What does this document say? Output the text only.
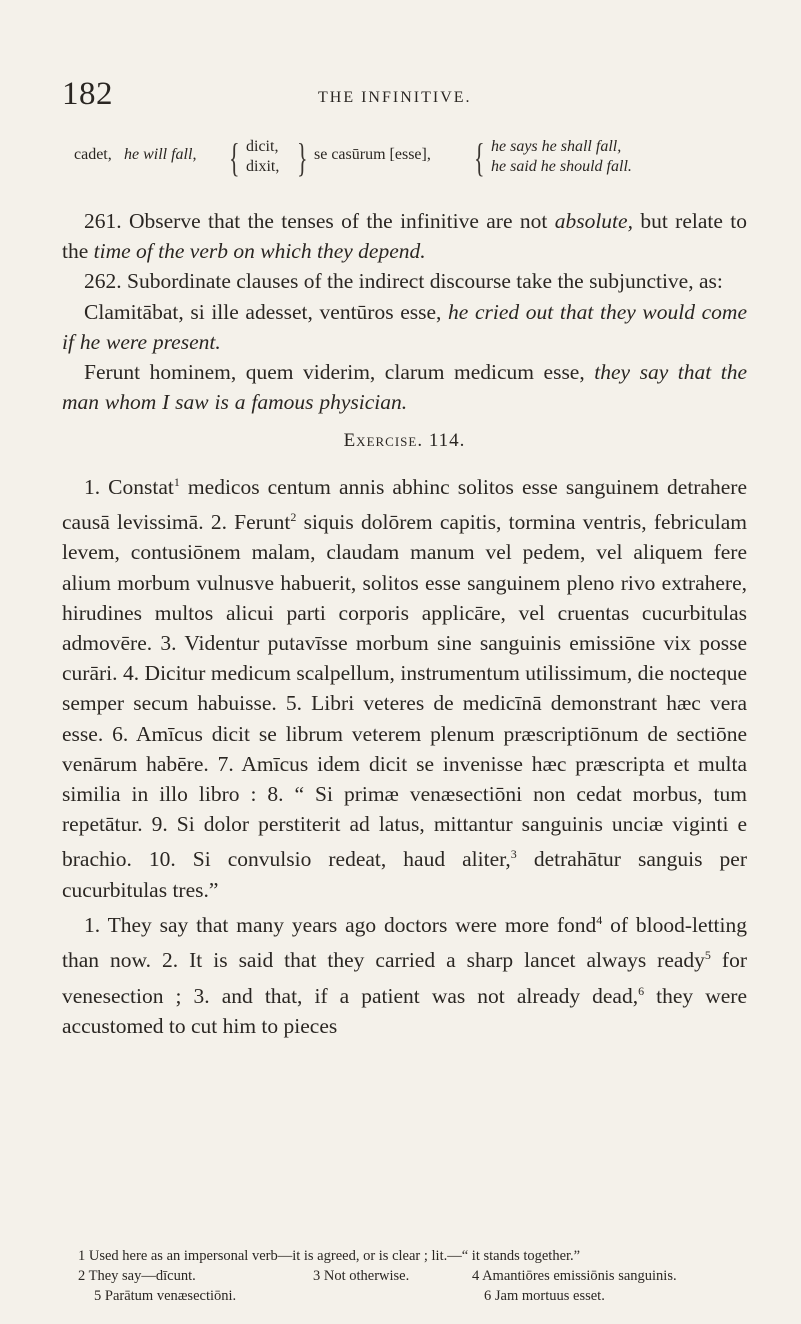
182	THE INFINITIVE.
cadet, he will fall, { dicit,
dixit, } se casūrum [esse], { he says he shall fall,
he said he should fall.

261. Observe that the tenses of the infinitive are not absolute, but relate to the time of the verb on which they depend.

262. Subordinate clauses of the indirect discourse take the subjunctive, as:

Clamitābat, si ille adesset, ventūros esse, he cried out that they would come if he were present.

Ferunt hominem, quem viderim, clarum medicum esse, they say that the man whom I saw is a famous physician.

Exercise. 114.

1. Constat$^1$ medicos centum annis abhinc solitos esse sanguinem detrahere causā levissimā. 2. Ferunt$^2$ siquis dolōrem capitis, tormina ventris, febriculam levem, contusiōnem malam, claudam manum vel pedem, vel aliquem fere alium morbum vulnusve habuerit, solitos esse sanguinem pleno rivo extrahere, hirudines multos alicui parti corporis applicāre, vel cruentas cucurbitulas admovēre. 3. Videntur putavīsse morbum sine sanguinis emissiōne vix posse curāri. 4. Dicitur medicum scalpellum, instrumentum utilissimum, die nocteque semper secum habuisse. 5. Libri veteres de medicīnā demonstrant hæc vera esse. 6. Amīcus dicit se librum veterem plenum præscriptiōnum de sectiōne venārum habēre. 7. Amīcus idem dicit se invenisse hæc præscripta et multa similia in illo libro : 8. “ Si primæ venæsectiōni non cedat morbus, tum repetātur. 9. Si dolor perstiterit ad latus, mittantur sanguinis unciæ viginti e brachio. 10. Si convulsio redeat, haud aliter,$^3$ detrahātur sanguis per cucurbitulas tres.”

1. They say that many years ago doctors were more fond$^4$ of blood-letting than now. 2. It is said that they carried a sharp lancet always ready$^5$ for venesection ; 3. and that, if a patient was not already dead,$^6$ they were accustomed to cut him to pieces

1 Used here as an impersonal verb—it is agreed, or is clear ; lit.—“ it stands together.”
2 They say—dīcunt.	3 Not otherwise.	4 Amantiōres emissiōnis sanguinis.
5 Parātum venæsectiōni.	6 Jam mortuus esset.
